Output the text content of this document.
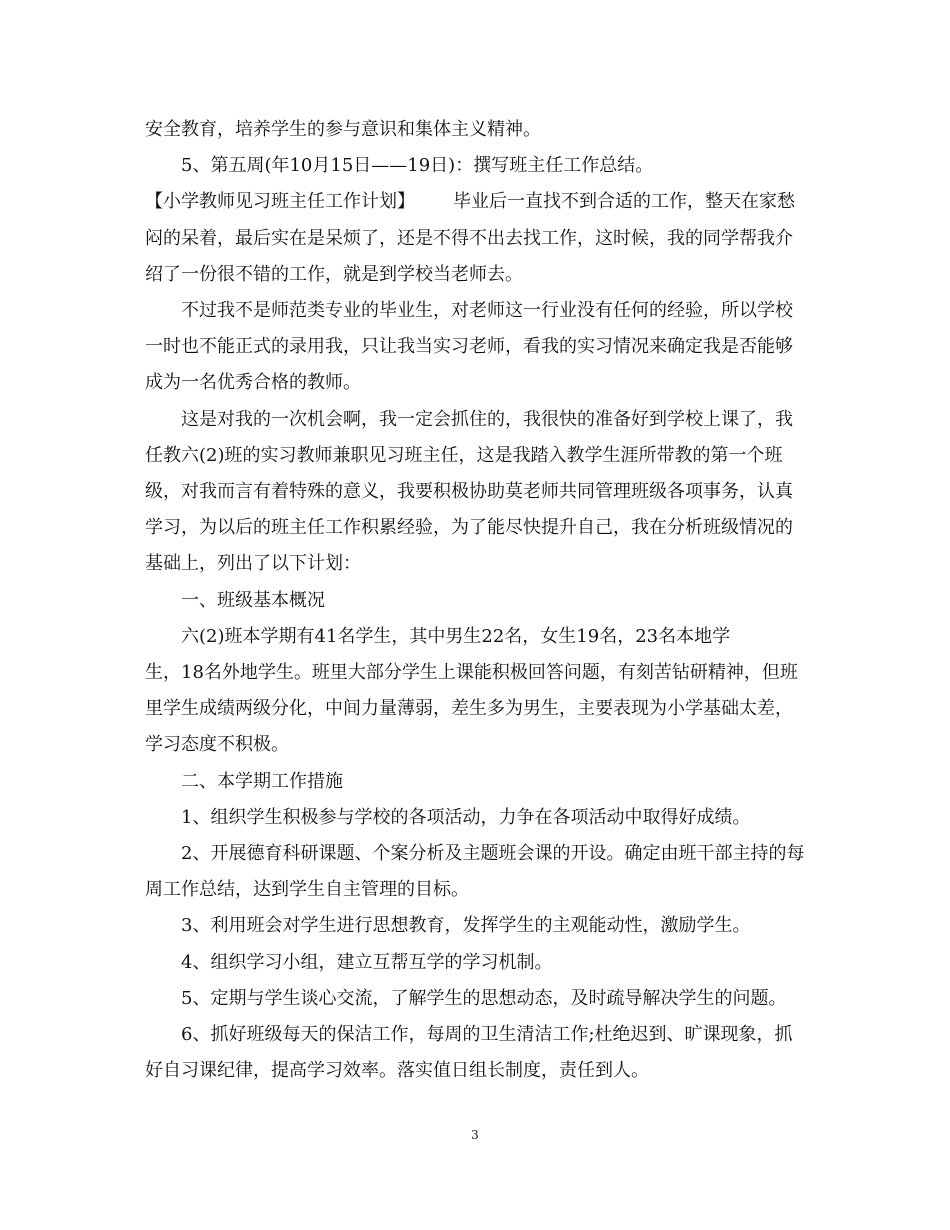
安全教育，培养学生的参与意识和集体主义精神。

5、第五周(年10月15日——19日)：撰写班主任工作总结。

【小学教师见习班主任工作计划】 毕业后一直找不到合适的工作，整天在家愁闷的呆着，最后实在是呆烦了，还是不得不出去找工作，这时候，我的同学帮我介绍了一份很不错的工作，就是到学校当老师去。

不过我不是师范类专业的毕业生，对老师这一行业没有任何的经验，所以学校一时也不能正式的录用我，只让我当实习老师，看我的实习情况来确定我是否能够成为一名优秀合格的教师。

这是对我的一次机会啊，我一定会抓住的，我很快的准备好到学校上课了，我任教六(2)班的实习教师兼职见习班主任，这是我踏入教学生涯所带教的第一个班级，对我而言有着特殊的意义，我要积极协助莫老师共同管理班级各项事务，认真学习，为以后的班主任工作积累经验，为了能尽快提升自己，我在分析班级情况的基础上，列出了以下计划：

一、班级基本概况

六(2)班本学期有41名学生，其中男生22名，女生19名，23名本地学

生，18名外地学生。班里大部分学生上课能积极回答问题，有刻苦钻研精神，但班里学生成绩两级分化，中间力量薄弱，差生多为男生，主要表现为小学基础太差，学习态度不积极。

二、本学期工作措施

1、组织学生积极参与学校的各项活动，力争在各项活动中取得好成绩。

2、开展德育科研课题、个案分析及主题班会课的开设。确定由班干部主持的每周工作总结，达到学生自主管理的目标。

3、利用班会对学生进行思想教育，发挥学生的主观能动性，激励学生。

4、组织学习小组，建立互帮互学的学习机制。

5、定期与学生谈心交流，了解学生的思想动态，及时疏导解决学生的问题。

6、抓好班级每天的保洁工作，每周的卫生清洁工作;杜绝迟到、旷课现象，抓好自习课纪律，提高学习效率。落实值日组长制度，责任到人。

3
